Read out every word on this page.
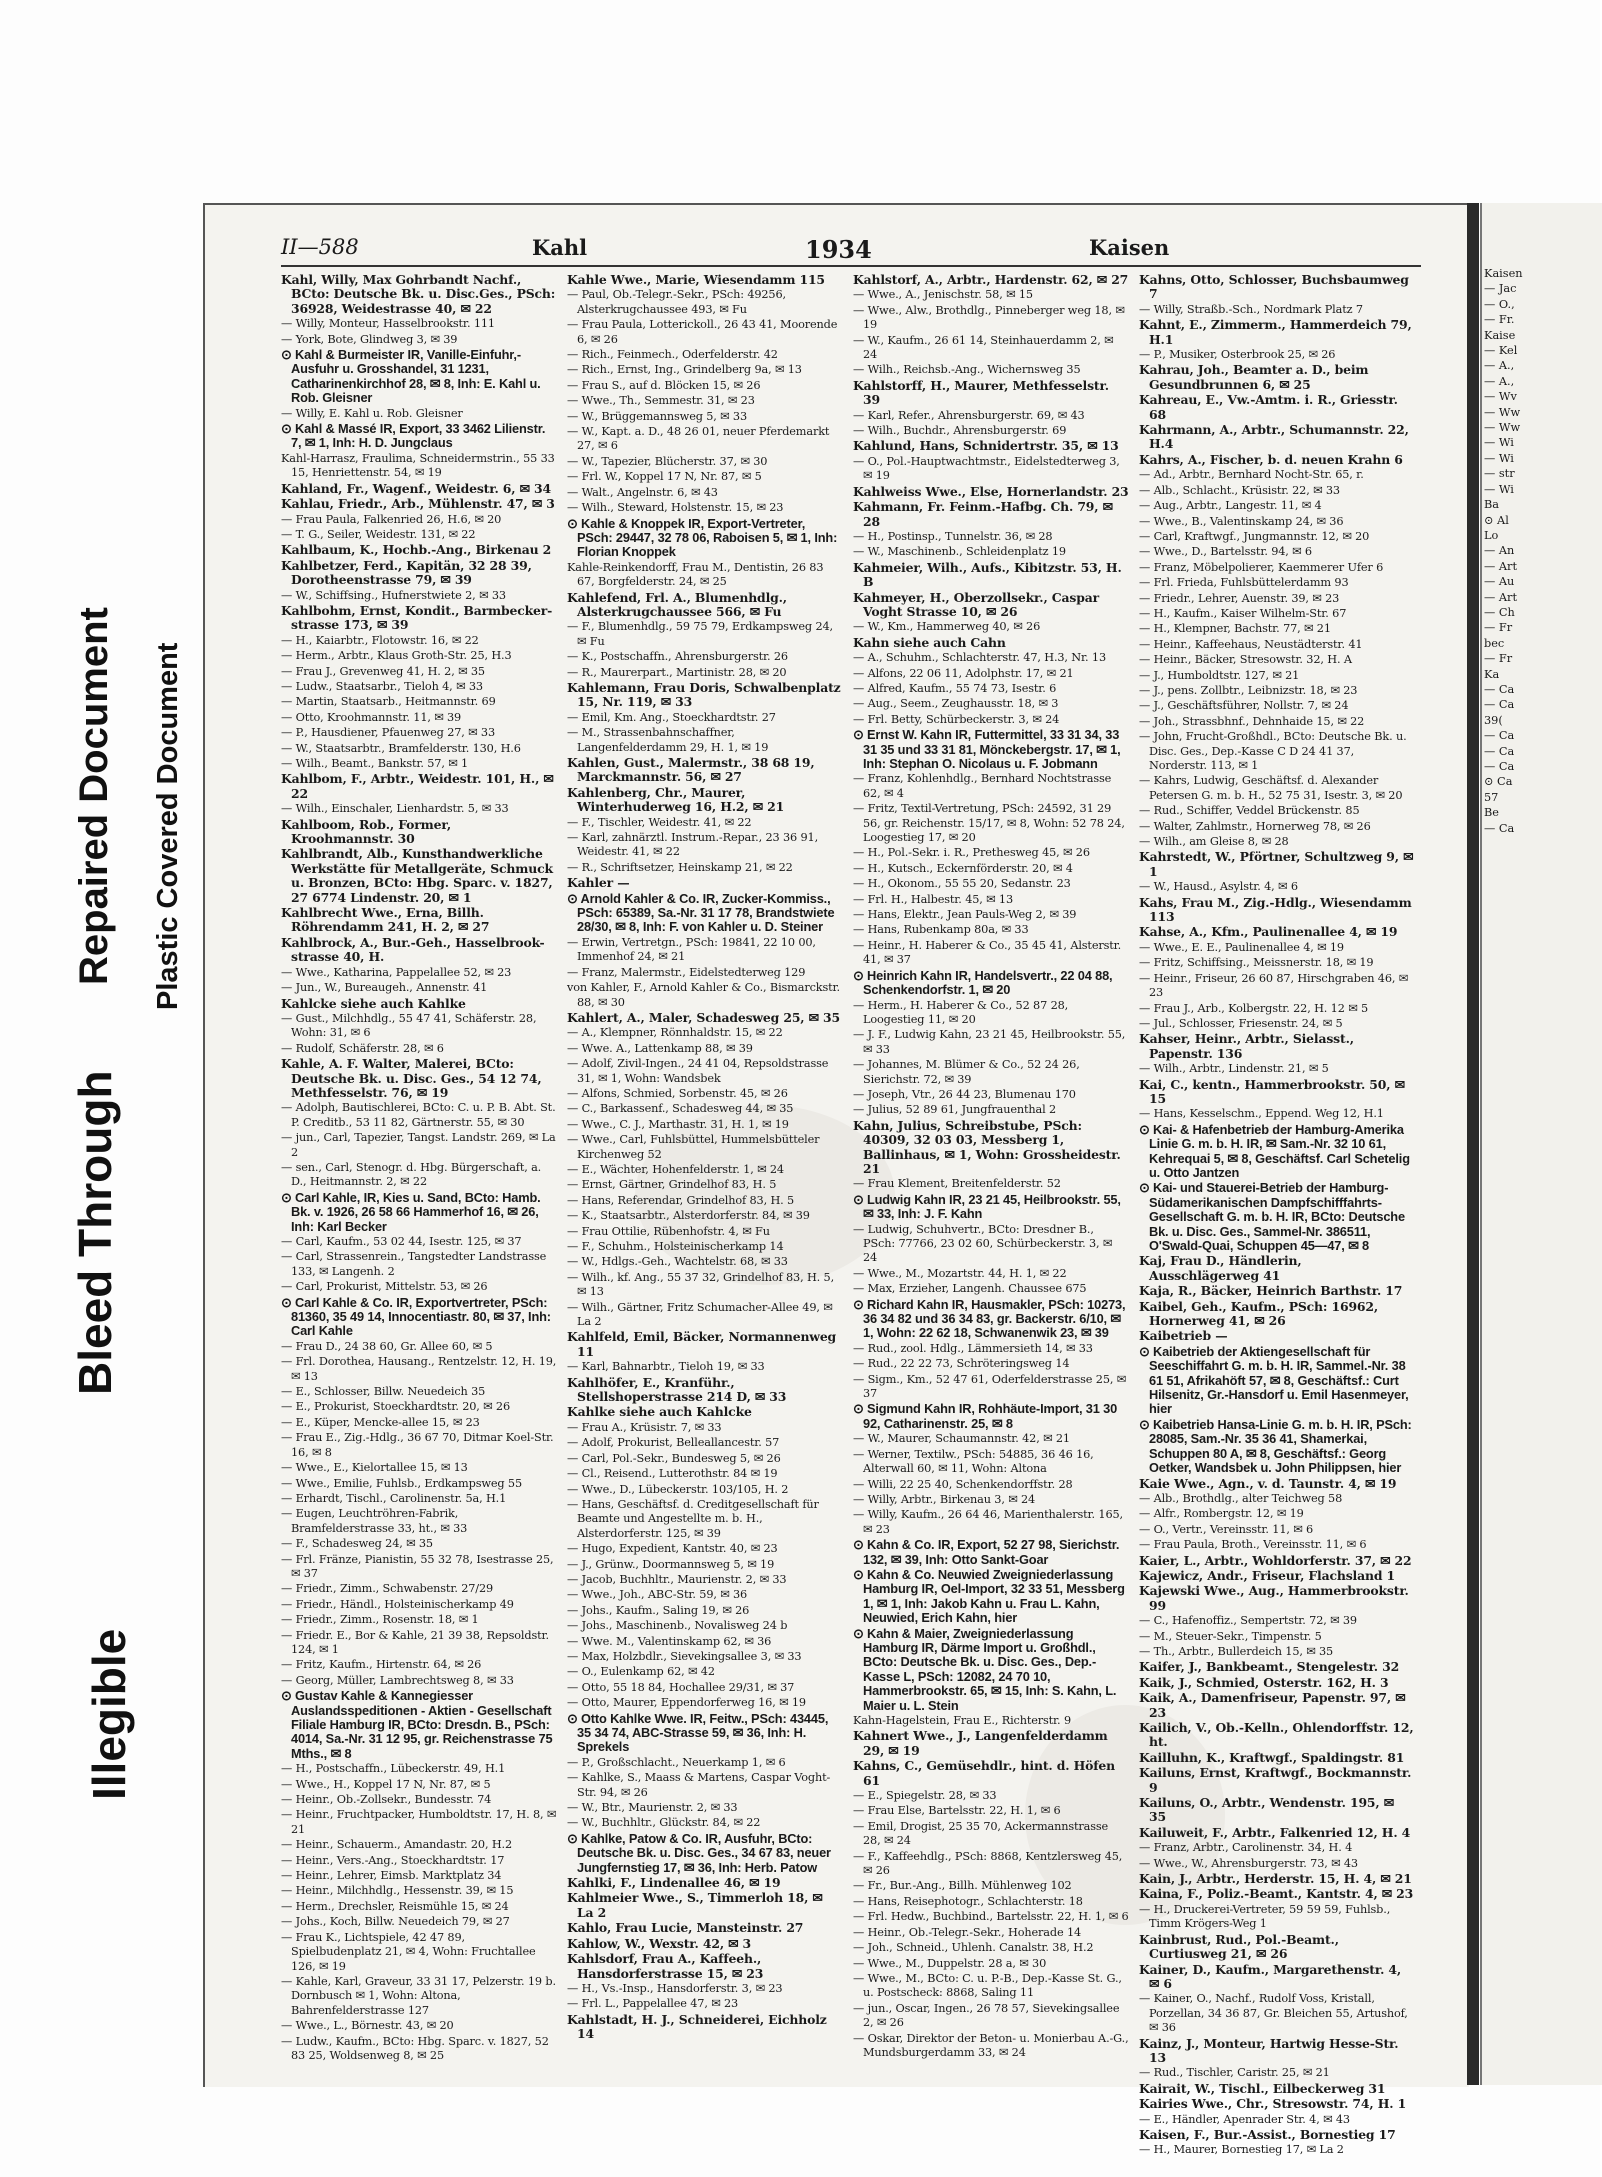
Repaired Document Plastic Covered Document
Bleed Through
Illegible
II—588	Kahl	1934	Kaisen

Kahl, Willy, Max Gohrbandt Nachf., BCto: Deutsche Bk. u. Disc.Ges., PSch: 36928, Weidestrasse 40, ✉ 22

— Willy, Monteur, Hasselbrookstr. 111

— York, Bote, Glindweg 3, ✉ 39

⊙ Kahl & Burmeister IR, Vanille-Einfuhr,-Ausfuhr u. Grosshandel, 31 1231, Catharinenkirchhof 28, ✉ 8, Inh: E. Kahl u. Rob. Gleisner

— Willy, E. Kahl u. Rob. Gleisner

⊙ Kahl & Massé IR, Export, 33 3462 Lilienstr. 7, ✉ 1, Inh: H. D. Jungclaus

Kahl-Harrasz, Fraulima, Schneidermstrin., 55 33 15, Henriettenstr. 54, ✉ 19

Kahland, Fr., Wagenf., Weidestr. 6, ✉ 34

Kahlau, Friedr., Arb., Mühlenstr. 47, ✉ 3

— Frau Paula, Falkenried 26, H.6, ✉ 20

— T. G., Seiler, Weidestr. 131, ✉ 22

Kahlbaum, K., Hochb.-Ang., Birkenau 2

Kahlbetzer, Ferd., Kapitän, 32 28 39, Dorotheenstrasse 79, ✉ 39

— W., Schiffsing., Hufnerstwiete 2, ✉ 33

Kahlbohm, Ernst, Kondit., Barmbecker-strasse 173, ✉ 39

— H., Kaiarbtr., Flotowstr. 16, ✉ 22

— Herm., Arbtr., Klaus Groth-Str. 25, H.3

— Frau J., Grevenweg 41, H. 2, ✉ 35

— Ludw., Staatsarbr., Tieloh 4, ✉ 33

— Martin, Staatsarb., Heitmannstr. 69

— Otto, Kroohmannstr. 11, ✉ 39

— P., Hausdiener, Pfauenweg 27, ✉ 33

— W., Staatsarbtr., Bramfelderstr. 130, H.6

— Wilh., Beamt., Bankstr. 57, ✉ 1

Kahlbom, F., Arbtr., Weidestr. 101, H., ✉ 22

— Wilh., Einschaler, Lienhardstr. 5, ✉ 33

Kahlboom, Rob., Former, Kroohmannstr. 30

Kahlbrandt, Alb., Kunsthandwerkliche Werkstätte für Metallgeräte, Schmuck u. Bronzen, BCto: Hbg. Sparc. v. 1827, 27 6774 Lindenstr. 20, ✉ 1

Kahlbrecht Wwe., Erna, Billh. Röhrendamm 241, H. 2, ✉ 27

Kahlbrock, A., Bur.-Geh., Hasselbrook-strasse 40, H.

— Wwe., Katharina, Pappelallee 52, ✉ 23

— Jun., W., Bureaugeh., Annenstr. 41

Kahlcke siehe auch Kahlke

— Gust., Milchhdlg., 55 47 41, Schäferstr. 28, Wohn: 31, ✉ 6

— Rudolf, Schäferstr. 28, ✉ 6

Kahle, A. F. Walter, Malerei, BCto: Deutsche Bk. u. Disc. Ges., 54 12 74, Methfesselstr. 76, ✉ 19

— Adolph, Bautischlerei, BCto: C. u. P. B. Abt. St. P. Creditb., 53 11 82, Gärtnerstr. 55, ✉ 30

— jun., Carl, Tapezier, Tangst. Landstr. 269, ✉ La 2

— sen., Carl, Stenogr. d. Hbg. Bürgerschaft, a. D., Heitmannstr. 2, ✉ 22

⊙ Carl Kahle, IR, Kies u. Sand, BCto: Hamb. Bk. v. 1926, 26 58 66 Hammerhof 16, ✉ 26, Inh: Karl Becker

— Carl, Kaufm., 53 02 44, Isestr. 125, ✉ 37

— Carl, Strassenrein., Tangstedter Landstrasse 133, ✉ Langenh. 2

— Carl, Prokurist, Mittelstr. 53, ✉ 26

⊙ Carl Kahle & Co. IR, Exportvertreter, PSch: 81360, 35 49 14, Innocentiastr. 80, ✉ 37, Inh: Carl Kahle

— Frau D., 24 38 60, Gr. Allee 60, ✉ 5

— Frl. Dorothea, Hausang., Rentzelstr. 12, H. 19, ✉ 13

— E., Schlosser, Billw. Neuedeich 35

— E., Prokurist, Stoeckhardtstr. 20, ✉ 26

— E., Küper, Mencke-allee 15, ✉ 23

— Frau E., Zig.-Hdlg., 36 67 70, Ditmar Koel-Str. 16, ✉ 8

— Wwe., E., Kielortallee 15, ✉ 13

— Wwe., Emilie, Fuhlsb., Erdkampsweg 55

— Erhardt, Tischl., Carolinenstr. 5a, H.1

— Eugen, Leuchtröhren-Fabrik, Bramfelderstrasse 33, ht., ✉ 33

— F., Schadesweg 24, ✉ 35

— Frl. Fränze, Pianistin, 55 32 78, Isestrasse 25, ✉ 37

— Friedr., Zimm., Schwabenstr. 27/29

— Friedr., Händl., Holsteinischerkamp 49

— Friedr., Zimm., Rosenstr. 18, ✉ 1

— Friedr. E., Bor & Kahle, 21 39 38, Repsoldstr. 124, ✉ 1

— Fritz, Kaufm., Hirtenstr. 64, ✉ 26

— Georg, Müller, Lambrechtsweg 8, ✉ 33

⊙ Gustav Kahle & Kannegiesser Auslandsspeditionen - Aktien - Gesellschaft Filiale Hamburg IR, BCto: Dresdn. B., PSch: 4014, Sa.-Nr. 31 12 95, gr. Reichenstrasse 75 Mths., ✉ 8

— H., Postschaffn., Lübeckerstr. 49, H.1

— Wwe., H., Koppel 17 N, Nr. 87, ✉ 5

— Heinr., Ob.-Zollsekr., Bundesstr. 74

— Heinr., Fruchtpacker, Humboldtstr. 17, H. 8, ✉ 21

— Heinr., Schauerm., Amandastr. 20, H.2

— Heinr., Vers.-Ang., Stoeckhardtstr. 17

— Heinr., Lehrer, Eimsb. Marktplatz 34

— Heinr., Milchhdlg., Hessenstr. 39, ✉ 15

— Herm., Drechsler, Reismühle 15, ✉ 24

— Johs., Koch, Billw. Neuedeich 79, ✉ 27

— Frau K., Lichtspiele, 42 47 89, Spielbudenplatz 21, ✉ 4, Wohn: Fruchtallee 126, ✉ 19

— Kahle, Karl, Graveur, 33 31 17, Pelzerstr. 19 b. Dornbusch ✉ 1, Wohn: Altona, Bahrenfelderstrasse 127

— Wwe., L., Börnestr. 43, ✉ 20

— Ludw., Kaufm., BCto: Hbg. Sparc. v. 1827, 52 83 25, Woldsenweg 8, ✉ 25

Kahle Wwe., Marie, Wiesendamm 115

— Paul, Ob.-Telegr.-Sekr., PSch: 49256, Alsterkrugchaussee 493, ✉ Fu

— Frau Paula, Lotterickoll., 26 43 41, Moorende 6, ✉ 26

— Rich., Feinmech., Oderfelderstr. 42

— Rich., Ernst, Ing., Grindelberg 9a, ✉ 13

— Frau S., auf d. Blöcken 15, ✉ 26

— Wwe., Th., Semmestr. 31, ✉ 23

— W., Brüggemannsweg 5, ✉ 33

— W., Kapt. a. D., 48 26 01, neuer Pferdemarkt 27, ✉ 6

— W., Tapezier, Blücherstr. 37, ✉ 30

— Frl. W., Koppel 17 N, Nr. 87, ✉ 5

— Walt., Angelnstr. 6, ✉ 43

— Wilh., Steward, Holstenstr. 15, ✉ 23

⊙ Kahle & Knoppek IR, Export-Vertreter, PSch: 29447, 32 78 06, Raboisen 5, ✉ 1, Inh: Florian Knoppek

Kahle-Reinkendorff, Frau M., Dentistin, 26 83 67, Borgfelderstr. 24, ✉ 25

Kahlefend, Frl. A., Blumenhdlg., Alsterkrugchaussee 566, ✉ Fu

— F., Blumenhdlg., 59 75 79, Erdkampsweg 24, ✉ Fu

— K., Postschaffn., Ahrensburgerstr. 26

— R., Maurerpart., Martinistr. 28, ✉ 20

Kahlemann, Frau Doris, Schwalbenplatz 15, Nr. 119, ✉ 33

— Emil, Km. Ang., Stoeckhardtstr. 27

— M., Strassenbahnschaffner, Langenfelderdamm 29, H. 1, ✉ 19

Kahlen, Gust., Malermstr., 38 68 19, Marckmannstr. 56, ✉ 27

Kahlenberg, Chr., Maurer, Winterhuderweg 16, H.2, ✉ 21

— F., Tischler, Weidestr. 41, ✉ 22

— Karl, zahnärztl. Instrum.-Repar., 23 36 91, Weidestr. 41, ✉ 22

— R., Schriftsetzer, Heinskamp 21, ✉ 22

Kahler —

⊙ Arnold Kahler & Co. IR, Zucker-Kommiss., PSch: 65389, Sa.-Nr. 31 17 78, Brandstwiete 28/30, ✉ 8, Inh: F. von Kahler u. D. Steiner

— Erwin, Vertretgn., PSch: 19841, 22 10 00, Immenhof 24, ✉ 21

— Franz, Malermstr., Eidelstedterweg 129

von Kahler, F., Arnold Kahler & Co., Bismarckstr. 88, ✉ 30

Kahlert, A., Maler, Schadesweg 25, ✉ 35

— A., Klempner, Rönnhaldstr. 15, ✉ 22

— Wwe. A., Lattenkamp 88, ✉ 39

— Adolf, Zivil-Ingen., 24 41 04, Repsoldstrasse 31, ✉ 1, Wohn: Wandsbek

— Alfons, Schmied, Sorbenstr. 45, ✉ 26

— C., Barkassenf., Schadesweg 44, ✉ 35

— Wwe., C. J., Marthastr. 31, H. 1, ✉ 19

— Wwe., Carl, Fuhlsbüttel, Hummelsbütteler Kirchenweg 52

— E., Wächter, Hohenfelderstr. 1, ✉ 24

— Ernst, Gärtner, Grindelhof 83, H. 5

— Hans, Referendar, Grindelhof 83, H. 5

— K., Staatsarbtr., Alsterdorferstr. 84, ✉ 39

— Frau Ottilie, Rübenhofstr. 4, ✉ Fu

— F., Schuhm., Holsteinischerkamp 14

— W., Hdlgs.-Geh., Wachtelstr. 68, ✉ 33

— Wilh., kf. Ang., 55 37 32, Grindelhof 83, H. 5, ✉ 13

— Wilh., Gärtner, Fritz Schumacher-Allee 49, ✉ La 2

Kahlfeld, Emil, Bäcker, Normannenweg 11

— Karl, Bahnarbtr., Tieloh 19, ✉ 33

Kahlhöfer, E., Kranführ., Stellshoperstrasse 214 D, ✉ 33

Kahlke siehe auch Kahlcke

— Frau A., Krüsistr. 7, ✉ 33

— Adolf, Prokurist, Belleallancestr. 57

— Carl, Pol.-Sekr., Bundesweg 5, ✉ 26

— Cl., Reisend., Lutterothstr. 84 ✉ 19

— Wwe., D., Lübeckerstr. 103/105, H. 2

— Hans, Geschäftsf. d. Creditgesellschaft für Beamte und Angestellte m. b. H., Alsterdorferstr. 125, ✉ 39

— Hugo, Expedient, Kantstr. 40, ✉ 23

— J., Grünw., Doormannsweg 5, ✉ 19

— Jacob, Buchhltr., Maurienstr. 2, ✉ 33

— Wwe., Joh., ABC-Str. 59, ✉ 36

— Johs., Kaufm., Saling 19, ✉ 26

— Johs., Maschinenb., Novalisweg 24 b

— Wwe. M., Valentinskamp 62, ✉ 36

— Max, Holzbdlr., Sievekingsallee 3, ✉ 33

— O., Eulenkamp 62, ✉ 42

— Otto, 55 18 84, Hochallee 29/31, ✉ 37

— Otto, Maurer, Eppendorferweg 16, ✉ 19

⊙ Otto Kahlke Wwe. IR, Feitw., PSch: 43445, 35 34 74, ABC-Strasse 59, ✉ 36, Inh: H. Sprekels

— P., Großschlacht., Neuerkamp 1, ✉ 6

— Kahlke, S., Maass & Martens, Caspar Voght-Str. 94, ✉ 26

— W., Btr., Maurienstr. 2, ✉ 33

— W., Buchhltr., Glückstr. 84, ✉ 22

⊙ Kahlke, Patow & Co. IR, Ausfuhr, BCto: Deutsche Bk. u. Disc. Ges., 34 67 83, neuer Jungfernstieg 17, ✉ 36, Inh: Herb. Patow

Kahlki, F., Lindenallee 46, ✉ 19

Kahlmeier Wwe., S., Timmerloh 18, ✉ La 2

Kahlo, Frau Lucie, Mansteinstr. 27

Kahlow, W., Wexstr. 42, ✉ 3

Kahlsdorf, Frau A., Kaffeeh., Hansdorferstrasse 15, ✉ 23

— H., Vs.-Insp., Hansdorferstr. 3, ✉ 23

— Frl. L., Pappelallee 47, ✉ 23

Kahlstadt, H. J., Schneiderei, Eichholz 14

Kahlstorf, A., Arbtr., Hardenstr. 62, ✉ 27

— Wwe., A., Jenischstr. 58, ✉ 15

— Wwe., Alw., Brothdlg., Pinneberger weg 18, ✉ 19

— W., Kaufm., 26 61 14, Steinhauerdamm 2, ✉ 24

— Wilh., Reichsb.-Ang., Wichernsweg 35

Kahlstorff, H., Maurer, Methfesselstr. 39

— Karl, Refer., Ahrensburgerstr. 69, ✉ 43

— Wilh., Buchdr., Ahrensburgerstr. 69

Kahlund, Hans, Schnidertrstr. 35, ✉ 13

— O., Pol.-Hauptwachtmstr., Eidelstedterweg 3, ✉ 19

Kahlweiss Wwe., Else, Hornerlandstr. 23

Kahmann, Fr. Feinm.-Hafbg. Ch. 79, ✉ 28

— H., Postinsp., Tunnelstr. 36, ✉ 28

— W., Maschinenb., Schleidenplatz 19

Kahmeier, Wilh., Aufs., Kibitzstr. 53, H. B

Kahmeyer, H., Oberzollsekr., Caspar Voght Strasse 10, ✉ 26

— W., Km., Hammerweg 40, ✉ 26

Kahn siehe auch Cahn

— A., Schuhm., Schlachterstr. 47, H.3, Nr. 13

— Alfons, 22 06 11, Adolphstr. 17, ✉ 21

— Alfred, Kaufm., 55 74 73, Isestr. 6

— Aug., Seem., Zeughausstr. 18, ✉ 3

— Frl. Betty, Schürbeckerstr. 3, ✉ 24

⊙ Ernst W. Kahn IR, Futtermittel, 33 31 34, 33 31 35 und 33 31 81, Mönckebergstr. 17, ✉ 1, Inh: Stephan O. Nicolaus u. F. Jobmann

— Franz, Kohlenhdlg., Bernhard Nochtstrasse 62, ✉ 4

— Fritz, Textil-Vertretung, PSch: 24592, 31 29 56, gr. Reichenstr. 15/17, ✉ 8, Wohn: 52 78 24, Loogestieg 17, ✉ 20

— H., Pol.-Sekr. i. R., Prethesweg 45, ✉ 26

— H., Kutsch., Eckernförderstr. 20, ✉ 4

— H., Okonom., 55 55 20, Sedanstr. 23

— Frl. H., Halbestr. 45, ✉ 13

— Hans, Elektr., Jean Pauls-Weg 2, ✉ 39

— Hans, Rubenkamp 80a, ✉ 33

— Heinr., H. Haberer & Co., 35 45 41, Alsterstr. 41, ✉ 37

⊙ Heinrich Kahn IR, Handelsvertr., 22 04 88, Schenkendorfstr. 1, ✉ 20

— Herm., H. Haberer & Co., 52 87 28, Loogestieg 11, ✉ 20

— J. F., Ludwig Kahn, 23 21 45, Heilbrookstr. 55, ✉ 33

— Johannes, M. Blümer & Co., 52 24 26, Sierichstr. 72, ✉ 39

— Joseph, Vtr., 26 44 23, Blumenau 170

— Julius, 52 89 61, Jungfrauenthal 2

Kahn, Julius, Schreibstube, PSch: 40309, 32 03 03, Messberg 1, Ballinhaus, ✉ 1, Wohn: Grossheidestr. 21

— Frau Klement, Breitenfelderstr. 52

⊙ Ludwig Kahn IR, 23 21 45, Heilbrookstr. 55, ✉ 33, Inh: J. F. Kahn

— Ludwig, Schuhvertr., BCto: Dresdner B., PSch: 77766, 23 02 60, Schürbeckerstr. 3, ✉ 24

— Wwe., M., Mozartstr. 44, H. 1, ✉ 22

— Max, Erzieher, Langenh. Chaussee 675

⊙ Richard Kahn IR, Hausmakler, PSch: 10273, 36 34 82 und 36 34 83, gr. Backerstr. 6/10, ✉ 1, Wohn: 22 62 18, Schwanenwik 23, ✉ 39

— Rud., zool. Hdlg., Lämmersieth 14, ✉ 33

— Rud., 22 22 73, Schröteringsweg 14

— Sigm., Km., 52 47 61, Oderfelderstrasse 25, ✉ 37

⊙ Sigmund Kahn IR, Rohhäute-Import, 31 30 92, Catharinenstr. 25, ✉ 8

— W., Maurer, Schaumannstr. 42, ✉ 21

— Werner, Textilw., PSch: 54885, 36 46 16, Alterwall 60, ✉ 11, Wohn: Altona

— Willi, 22 25 40, Schenkendorffstr. 28

— Willy, Arbtr., Birkenau 3, ✉ 24

— Willy, Kaufm., 26 64 46, Marienthalerstr. 165, ✉ 23

⊙ Kahn & Co. IR, Export, 52 27 98, Sierichstr. 132, ✉ 39, Inh: Otto Sankt-Goar

⊙ Kahn & Co. Neuwied Zweigniederlassung Hamburg IR, Oel-Import, 32 33 51, Messberg 1, ✉ 1, Inh: Jakob Kahn u. Frau L. Kahn, Neuwied, Erich Kahn, hier

⊙ Kahn & Maier, Zweigniederlassung Hamburg IR, Därme Import u. Großhdl., BCto: Deutsche Bk. u. Disc. Ges., Dep.-Kasse L, PSch: 12082, 24 70 10, Hammerbrookstr. 65, ✉ 15, Inh: S. Kahn, L. Maier u. L. Stein

Kahn-Hagelstein, Frau E., Richterstr. 9

Kahnert Wwe., J., Langenfelderdamm 29, ✉ 19

Kahns, C., Gemüsehdlr., hint. d. Höfen 61

— E., Spiegelstr. 28, ✉ 33

— Frau Else, Bartelsstr. 22, H. 1, ✉ 6

— Emil, Drogist, 25 35 70, Ackermannstrasse 28, ✉ 24

— F., Kaffeehdlg., PSch: 8868, Kentzlersweg 45, ✉ 26

— Fr., Bur.-Ang., Billh. Mühlenweg 102

— Hans, Reisephotogr., Schlachterstr. 18

— Frl. Hedw., Buchbind., Bartelsstr. 22, H. 1, ✉ 6

— Heinr., Ob.-Telegr.-Sekr., Hoherade 14

— Joh., Schneid., Uhlenh. Canalstr. 38, H.2

— Wwe., M., Duppelstr. 28 a, ✉ 30

— Wwe., M., BCto: C. u. P.-B., Dep.-Kasse St. G., u. Postscheck: 8868, Saling 11

— jun., Oscar, Ingen., 26 78 57, Sievekingsallee 2, ✉ 26

— Oskar, Direktor der Beton- u. Monierbau A.-G., Mundsburgerdamm 33, ✉ 24

Kahns, Otto, Schlosser, Buchsbaumweg 7

— Willy, Straßb.-Sch., Nordmark Platz 7

Kahnt, E., Zimmerm., Hammerdeich 79, H.1

— P., Musiker, Osterbrook 25, ✉ 26

Kahrau, Joh., Beamter a. D., beim Gesundbrunnen 6, ✉ 25

Kahreau, E., Vw.-Amtm. i. R., Griesstr. 68

Kahrmann, A., Arbtr., Schumannstr. 22, H.4

Kahrs, A., Fischer, b. d. neuen Krahn 6

— Ad., Arbtr., Bernhard Nocht-Str. 65, r.

— Alb., Schlacht., Krüsistr. 22, ✉ 33

— Aug., Arbtr., Langestr. 11, ✉ 4

— Wwe., B., Valentinskamp 24, ✉ 36

— Carl, Kraftwgf., Jungmannstr. 12, ✉ 20

— Wwe., D., Bartelsstr. 94, ✉ 6

— Franz, Möbelpolierer, Kaemmerer Ufer 6

— Frl. Frieda, Fuhlsbüttelerdamm 93

— Friedr., Lehrer, Auenstr. 39, ✉ 23

— H., Kaufm., Kaiser Wilhelm-Str. 67

— H., Klempner, Bachstr. 77, ✉ 21

— Heinr., Kaffeehaus, Neustädterstr. 41

— Heinr., Bäcker, Stresowstr. 32, H. A

— J., Humboldtstr. 127, ✉ 21

— J., pens. Zollbtr., Leibnizstr. 18, ✉ 23

— J., Geschäftsführer, Nollstr. 7, ✉ 24

— Joh., Strassbhnf., Dehnhaide 15, ✉ 22

— John, Frucht-Großhdl., BCto: Deutsche Bk. u. Disc. Ges., Dep.-Kasse C D 24 41 37, Norderstr. 113, ✉ 1

— Kahrs, Ludwig, Geschäftsf. d. Alexander Petersen G. m. b. H., 52 75 31, Isestr. 3, ✉ 20

— Rud., Schiffer, Veddel Brückenstr. 85

— Walter, Zahlmstr., Hornerweg 78, ✉ 26

— Wilh., am Gleise 8, ✉ 28

Kahrstedt, W., Pförtner, Schultzweg 9, ✉ 1

— W., Hausd., Asylstr. 4, ✉ 6

Kahs, Frau M., Zig.-Hdlg., Wiesendamm 113

Kahse, A., Kfm., Paulinenallee 4, ✉ 19

— Wwe., E. E., Paulinenallee 4, ✉ 19

— Fritz, Schiffsing., Meissnerstr. 18, ✉ 19

— Heinr., Friseur, 26 60 87, Hirschgraben 46, ✉ 23

— Frau J., Arb., Kolbergstr. 22, H. 12 ✉ 5

— Jul., Schlosser, Friesenstr. 24, ✉ 5

Kahser, Heinr., Arbtr., Sielasst., Papenstr. 136

— Wilh., Arbtr., Lindenstr. 21, ✉ 5

Kai, C., kentn., Hammerbrookstr. 50, ✉ 15

— Hans, Kesselschm., Eppend. Weg 12, H.1

⊙ Kai- & Hafenbetrieb der Hamburg-Amerika Linie G. m. b. H. IR, ✉ Sam.-Nr. 32 10 61, Kehrequai 5, ✉ 8, Geschäftsf. Carl Schetelig u. Otto Jantzen

⊙ Kai- und Stauerei-Betrieb der Hamburg-Südamerikanischen Dampfschifffahrts-Gesellschaft G. m. b. H. IR, BCto: Deutsche Bk. u. Disc. Ges., Sammel-Nr. 386511, O'Swald-Quai, Schuppen 45—47, ✉ 8

Kaj, Frau D., Händlerin, Ausschlägerweg 41

Kaja, R., Bäcker, Heinrich Barthstr. 17

Kaibel, Geh., Kaufm., PSch: 16962, Hornerweg 41, ✉ 26

Kaibetrieb —

⊙ Kaibetrieb der Aktiengesellschaft für Seeschiffahrt G. m. b. H. IR, Sammel.-Nr. 38 61 51, Afrikahöft 57, ✉ 8, Geschäftsf.: Curt Hilsenitz, Gr.-Hansdorf u. Emil Hasenmeyer, hier

⊙ Kaibetrieb Hansa-Linie G. m. b. H. IR, PSch: 28085, Sam.-Nr. 35 36 41, Shamerkai, Schuppen 80 A, ✉ 8, Geschäftsf.: Georg Oetker, Wandsbek u. John Philippsen, hier

Kaie Wwe., Agn., v. d. Taunstr. 4, ✉ 19

— Alb., Brothdlg., alter Teichweg 58

— Alfr., Rombergstr. 12, ✉ 19

— O., Vertr., Vereinsstr. 11, ✉ 6

— Frau Paula, Broth., Vereinsstr. 11, ✉ 6

Kaier, L., Arbtr., Wohldorferstr. 37, ✉ 22

Kajewicz, Andr., Friseur, Flachsland 1

Kajewski Wwe., Aug., Hammerbrookstr. 99

— C., Hafenoffiz., Sempertstr. 72, ✉ 39

— M., Steuer-Sekr., Timpenstr. 5

— Th., Arbtr., Bullerdeich 15, ✉ 35

Kaifer, J., Bankbeamt., Stengelestr. 32

Kaik, J., Schmied, Osterstr. 162, H. 3

Kaik, A., Damenfriseur, Papenstr. 97, ✉ 23

Kailich, V., Ob.-Kelln., Ohlendorffstr. 12, ht.

Kailluhn, K., Kraftwgf., Spaldingstr. 81

Kailuns, Ernst, Kraftwgf., Bockmannstr. 9

Kailuns, O., Arbtr., Wendenstr. 195, ✉ 35

Kailuweit, F., Arbtr., Falkenried 12, H. 4

— Franz, Arbtr., Carolinenstr. 34, H. 4

— Wwe., W., Ahrensburgerstr. 73, ✉ 43

Kain, J., Arbtr., Herderstr. 15, H. 4, ✉ 21

Kaina, F., Poliz.-Beamt., Kantstr. 4, ✉ 23

— H., Druckerei-Vertreter, 59 59 59, Fuhlsb., Timm Krögers-Weg 1

Kainbrust, Rud., Pol.-Beamt., Curtiusweg 21, ✉ 26

Kainer, D., Kaufm., Margarethenstr. 4, ✉ 6

— Kainer, O., Nachf., Rudolf Voss, Kristall, Porzellan, 34 36 87, Gr. Bleichen 55, Artushof, ✉ 36

Kainz, J., Monteur, Hartwig Hesse-Str. 13

— Rud., Tischler, Caristr. 25, ✉ 21

Kairait, W., Tischl., Eilbeckerweg 31

Kairies Wwe., Chr., Stresowstr. 74, H. 1

— E., Händler, Apenrader Str. 4, ✉ 43

Kaisen, F., Bur.-Assist., Bornestieg 17

— H., Maurer, Bornestieg 17, ✉ La 2

Kaisen

— Jac

— O.,

— Fr.

Kaise

— Kel

— A.,

— A.,

— Wv

— Ww

— Ww

— Wi

— Wi

— str

— Wi

Ba

⊙ Al

Lo

— An

— Art

— Au

— Art

— Ch

— Fr

bec

— Fr

Ka

— Ca

— Ca

39(

— Ca

— Ca

— Ca

⊙ Ca

57

Be

— Ca
